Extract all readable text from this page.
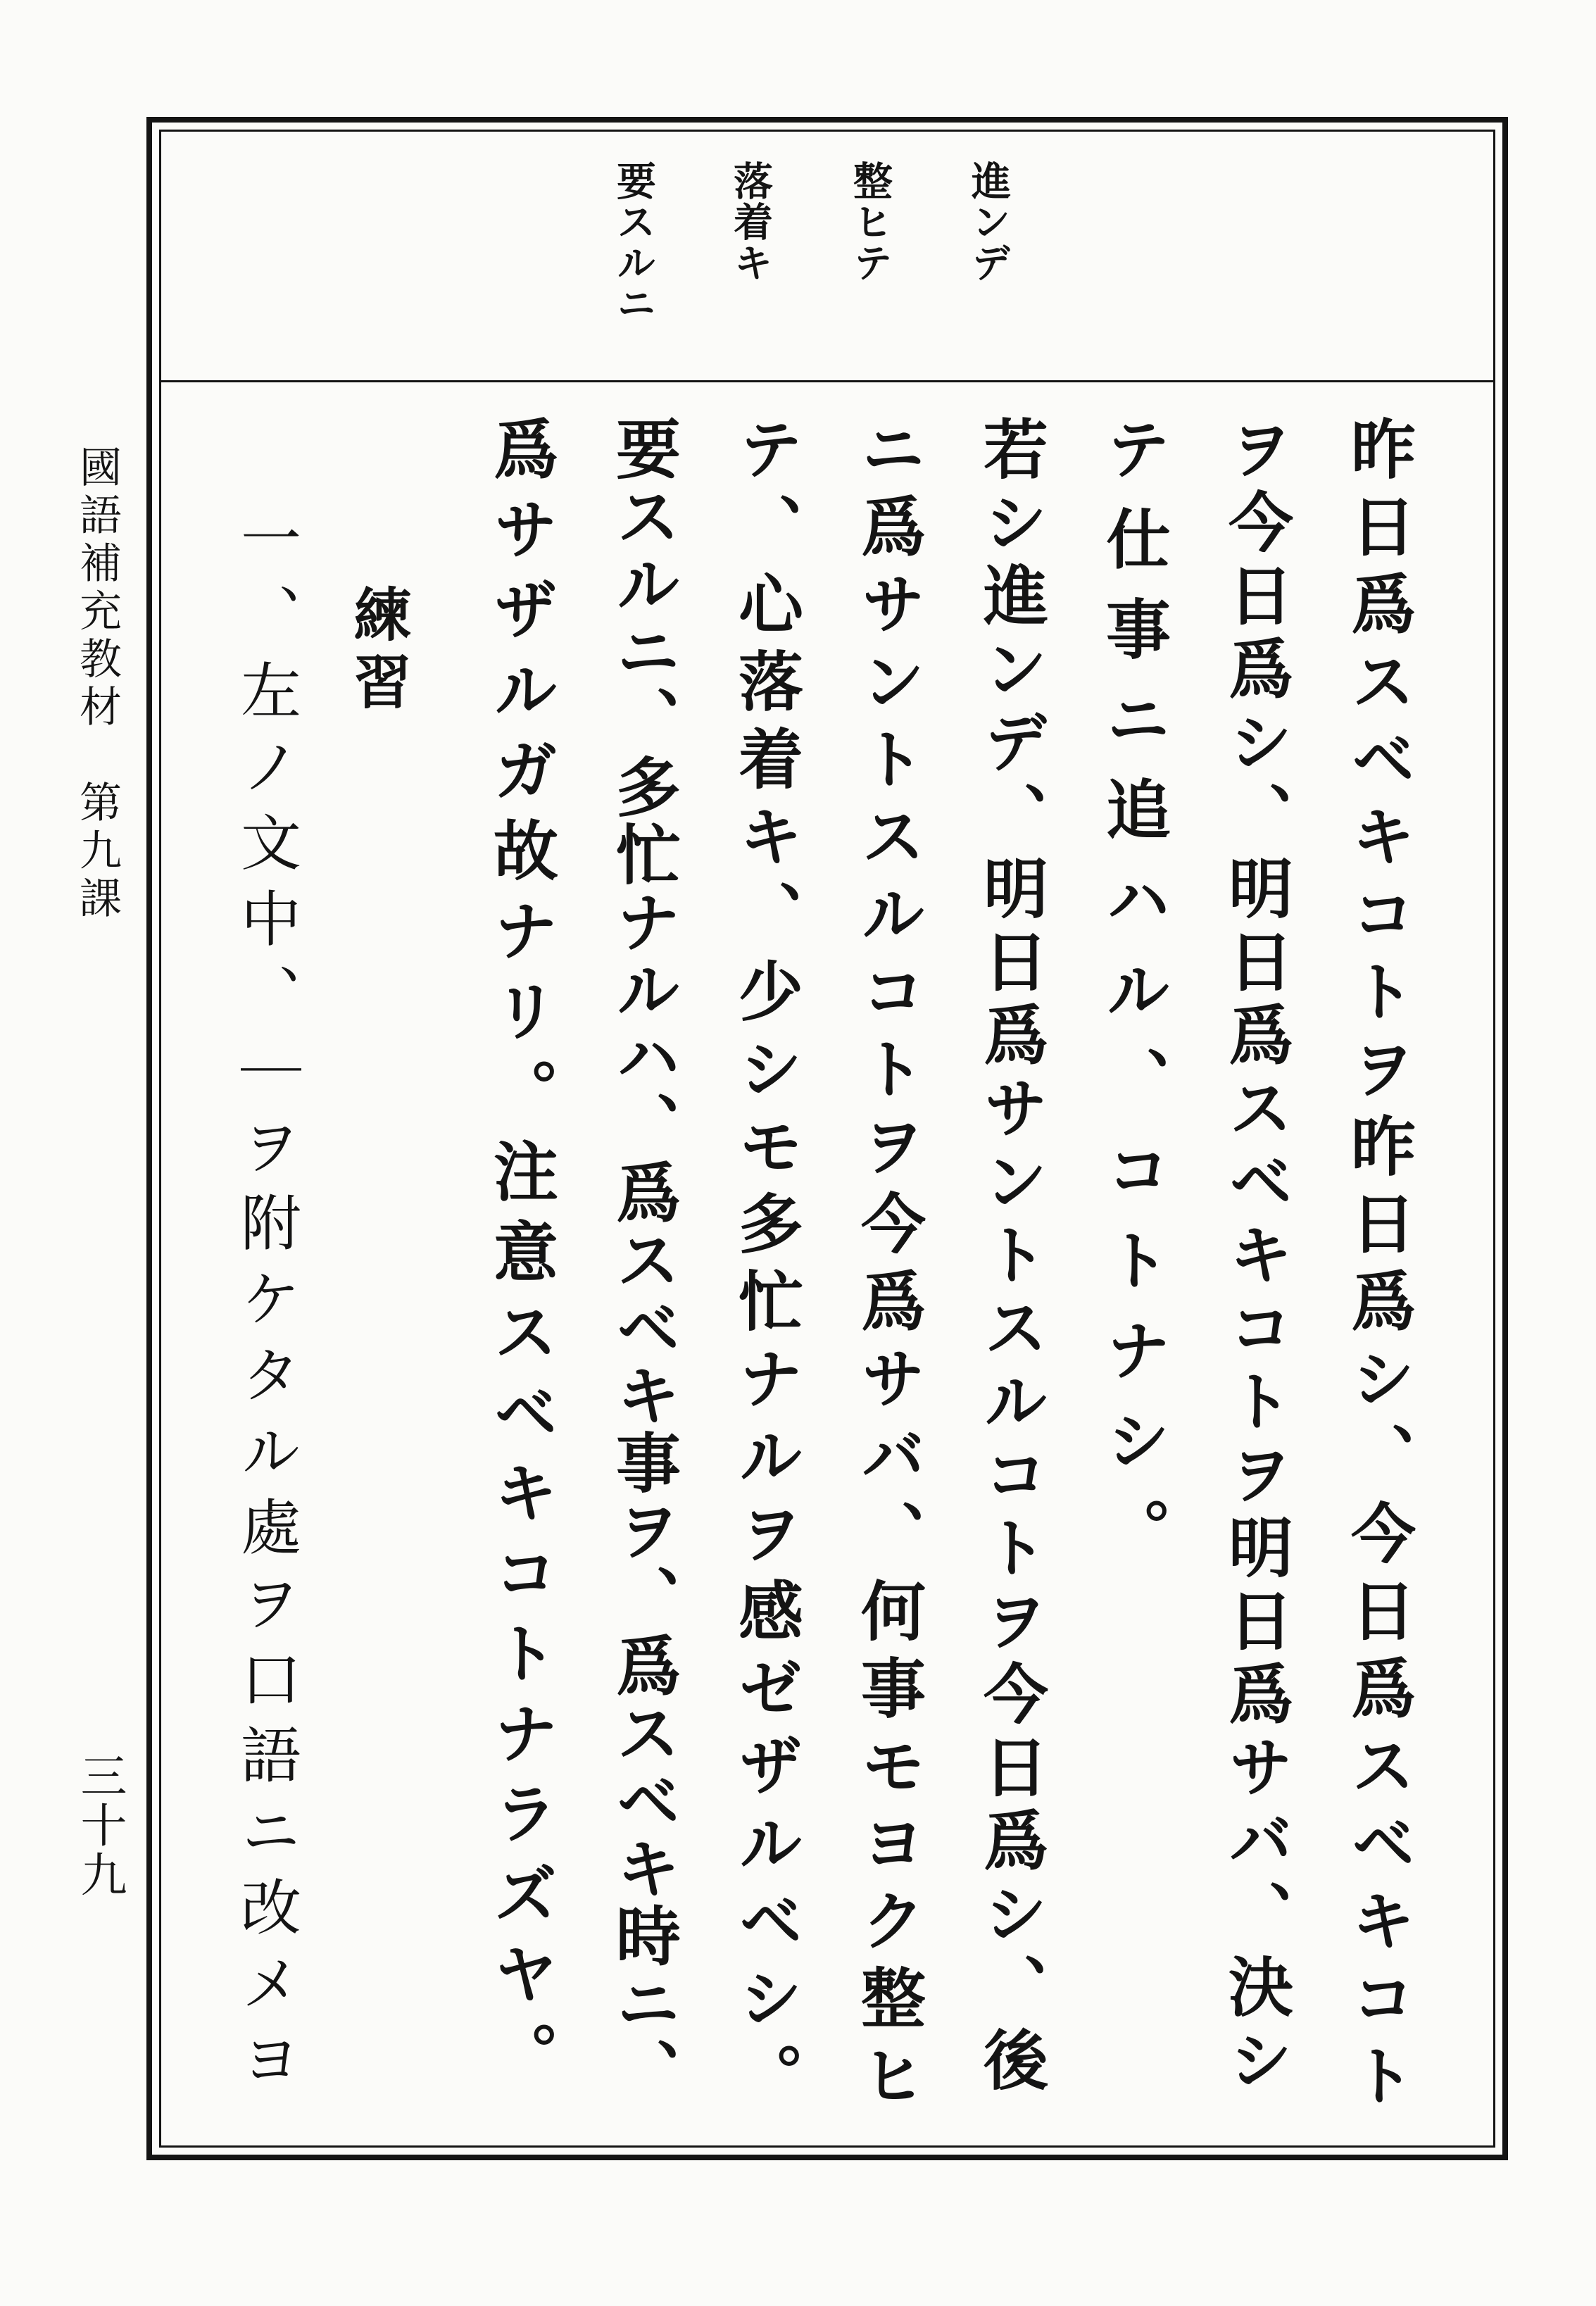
國語補充教材　第九課
三十九
進ンデ
整ヒテ
落着キ
要スルニ
昨日爲スベキコトヲ昨日爲シ、今日爲スベキコト
ヲ今日爲シ、明日爲スベキコトヲ明日爲サバ、決シ
テ仕事ニ追ハル、コトナシ。
若シ進ンデ、明日爲サントスルコトヲ今日爲シ、後
ニ爲サントスルコトヲ今爲サバ、何事モヨク整ヒ
テ、心落着キ、少シモ多忙ナルヲ感ゼザルベシ。
要スルニ、多忙ナルハ、爲スベキ事ヲ、爲スベキ時ニ、
爲サザルガ故ナリ。注意スベキコトナラズヤ。
練習
一、左ノ文中、｜ヲ附ケタル處ヲ口語ニ改メヨ
